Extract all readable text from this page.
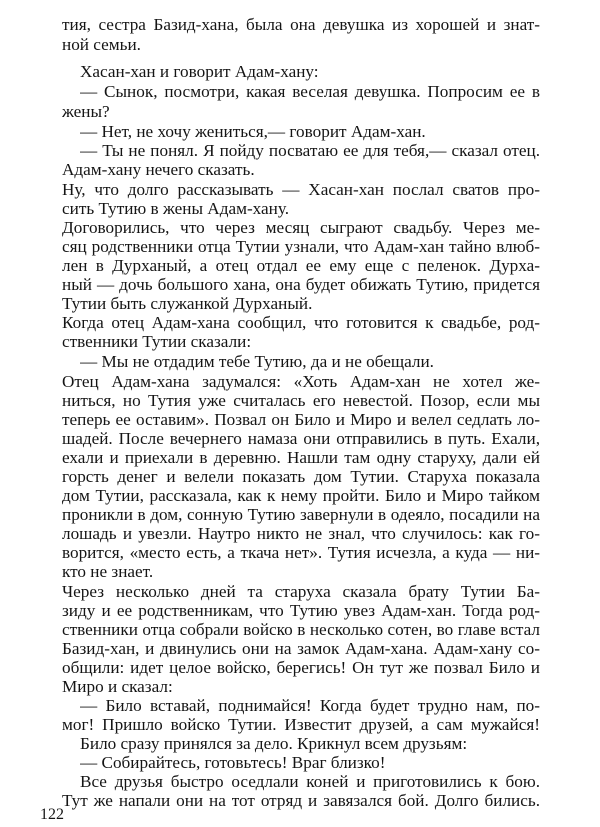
тия, сестра Базид-хана, была она девушка из хорошей и знат-
ной семьи.
Хасан-хан и говорит Адам-хану:
— Сынок, посмотри, какая веселая девушка. Попросим ее в
жены?
— Нет, не хочу жениться,— говорит Адам-хан.
— Ты не понял. Я пойду посватаю ее для тебя,— сказал отец.
Адам-хану нечего сказать.
Ну, что долго рассказывать — Хасан-хан послал сватов про-
сить Тутию в жены Адам-хану.
Договорились, что через месяц сыграют свадьбу. Через ме-
сяц родственники отца Тутии узнали, что Адам-хан тайно влюб-
лен в Дурханый, а отец отдал ее ему еще с пеленок. Дурха-
ный — дочь большого хана, она будет обижать Тутию, придется
Тутии быть служанкой Дурханый.
Когда отец Адам-хана сообщил, что готовится к свадьбе, род-
ственники Тутии сказали:
— Мы не отдадим тебе Тутию, да и не обещали.
Отец Адам-хана задумался: «Хоть Адам-хан не хотел же-
ниться, но Тутия уже считалась его невестой. Позор, если мы
теперь ее оставим». Позвал он Било и Миро и велел седлать ло-
шадей. После вечернего намаза они отправились в путь. Ехали,
ехали и приехали в деревню. Нашли там одну старуху, дали ей
горсть денег и велели показать дом Тутии. Старуха показала
дом Тутии, рассказала, как к нему пройти. Било и Миро тайком
проникли в дом, сонную Тутию завернули в одеяло, посадили на
лошадь и увезли. Наутро никто не знал, что случилось: как го-
ворится, «место есть, а ткача нет». Тутия исчезла, а куда — ни-
кто не знает.
Через несколько дней та старуха сказала брату Тутии Ба-
зиду и ее родственникам, что Тутию увез Адам-хан. Тогда род-
ственники отца собрали войско в несколько сотен, во главе встал
Базид-хан, и двинулись они на замок Адам-хана. Адам-хану со-
общили: идет целое войско, берегись! Он тут же позвал Било и
Миро и сказал:
— Било вставай, поднимайся! Когда будет трудно нам, по-
мог! Пришло войско Тутии. Известит друзей, а сам мужайся!
Било сразу принялся за дело. Крикнул всем друзьям:
— Собирайтесь, готовьтесь! Враг близко!
Все друзья быстро оседлали коней и приготовились к бою.
Тут же напали они на тот отряд и завязался бой. Долго бились.
122
